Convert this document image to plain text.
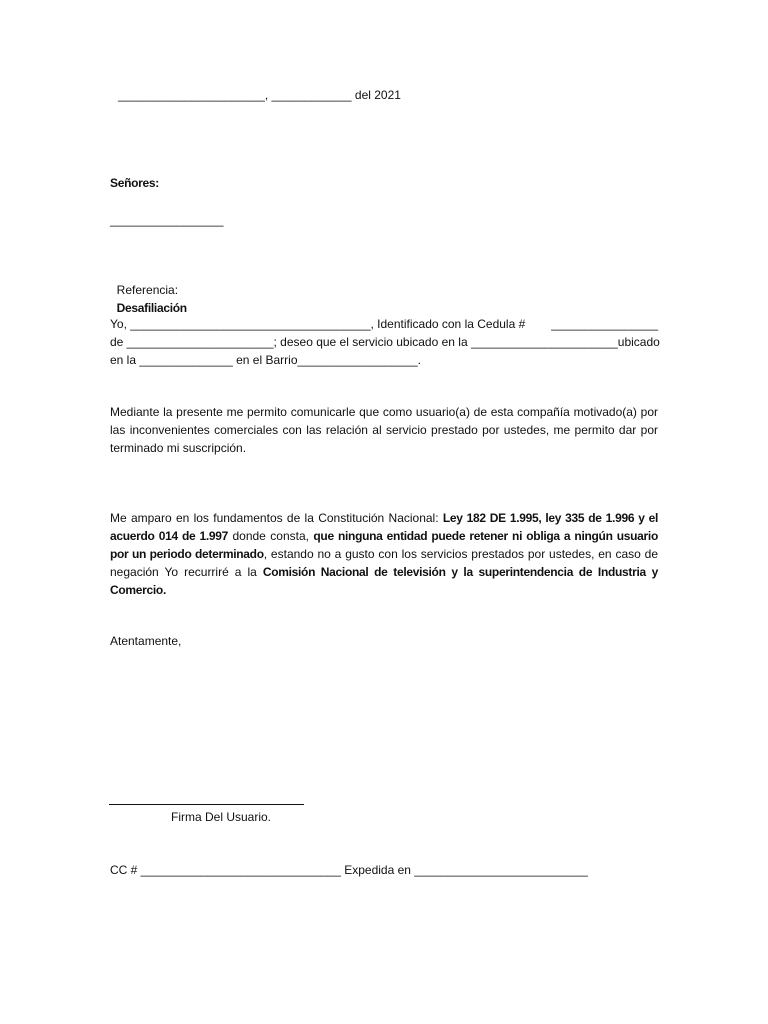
______________________, ____________ del 2021
Señores:
_________________

Referencia:
Desafiliación

Yo, ____________________________________, Identificado con la Cedula # ________________
de ______________________; deseo que el servicio ubicado en la ______________________ ubicado
en la ______________ en el Barrio__________________.
Mediante la presente me permito comunicarle que como usuario(a) de esta compañía motivado(a) por las inconvenientes comerciales con las relación al servicio prestado por ustedes, me permito dar por terminado mi suscripción.
Me amparo en los fundamentos de la Constitución Nacional: Ley 182 DE 1.995, ley 335 de 1.996 y el acuerdo 014 de 1.997 donde consta, que ninguna entidad puede retener ni obliga a ningún usuario por un periodo determinado, estando no a gusto con los servicios prestados por ustedes, en caso de negación Yo recurriré a la Comisión Nacional de televisión y la superintendencia de Industria y Comercio.
Atentamente,
Firma Del Usuario.
CC # ______________________________ Expedida en __________________________
